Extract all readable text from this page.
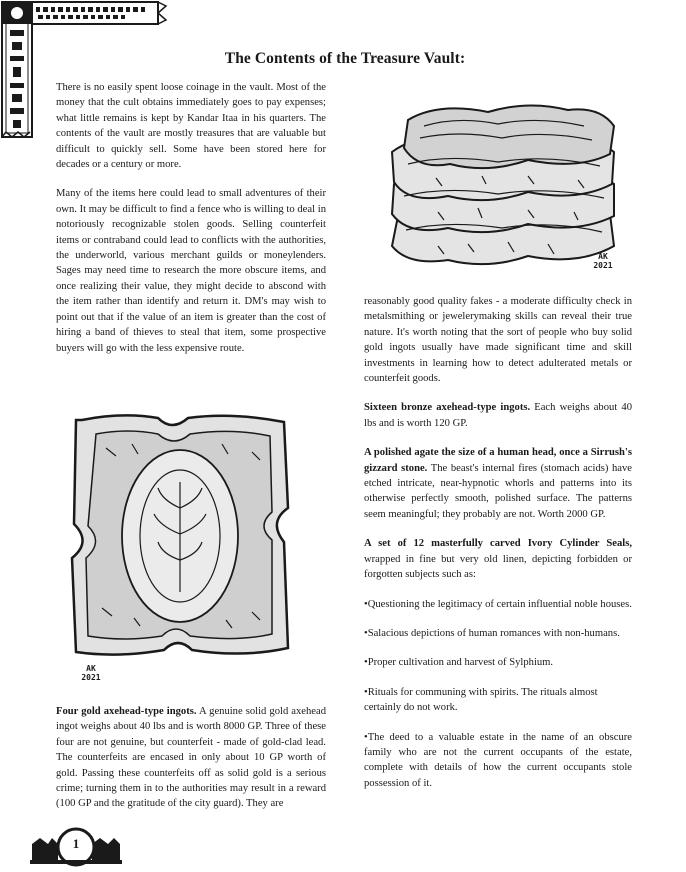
The Contents of the Treasure Vault:

There is no easily spent loose coinage in the vault. Most of the money that the cult obtains immediately goes to pay expenses; what little remains is kept by Kandar Itaa in his quarters. The contents of the vault are mostly treasures that are valuable but difficult to quickly sell. Some have been stored here for decades or a century or more.

Many of the items here could lead to small adventures of their own. It may be difficult to find a fence who is willing to deal in notoriously recognizable stolen goods. Selling counterfeit items or contraband could lead to conflicts with the authorities, the underworld, various merchant guilds or moneylenders. Sages may need time to research the more obscure items, and once realizing their value, they might decide to abscond with the item rather than identify and return it. DM's may wish to point out that if the value of an item is greater than the cost of hiring a band of thieves to steal that item, some prospective buyers will go with the less expensive route.

AK 2021
AK 2021

Four gold axehead-type ingots. A genuine solid gold axehead ingot weighs about 40 lbs and is worth 8000 GP. Three of these four are not genuine, but counterfeit - made of gold-clad lead. The counterfeits are encased in only about 10 GP worth of gold. Passing these counterfeits off as solid gold is a serious crime; turning them in to the authorities may result in a reward (100 GP and the gratitude of the city guard). They are

reasonably good quality fakes - a moderate difficulty check in metalsmithing or jewelerymaking skills can reveal their true nature. It's worth noting that the sort of people who buy solid gold ingots usually have made significant time and skill investments in learning how to detect adulterated metals or counterfeit goods.

Sixteen bronze axehead-type ingots. Each weighs about 40 lbs and is worth 120 GP.

A polished agate the size of a human head, once a Sirrush's gizzard stone. The beast's internal fires (stomach acids) have etched intricate, near-hypnotic whorls and patterns into its otherwise perfectly smooth, polished surface. The patterns seem meaningful; they probably are not. Worth 2000 GP.

A set of 12 masterfully carved Ivory Cylinder Seals, wrapped in fine but very old linen, depicting forbidden or forgotten subjects such as:

•Questioning the legitimacy of certain influential noble houses.

•Salacious depictions of human romances with non-humans.

•Proper cultivation and harvest of Sylphium.

•Rituals for communing with spirits. The rituals almost certainly do not work.

•The deed to a valuable estate in the name of an obscure family who are not the current occupants of the estate, complete with details of how the current occupants stole possession of it.

1
